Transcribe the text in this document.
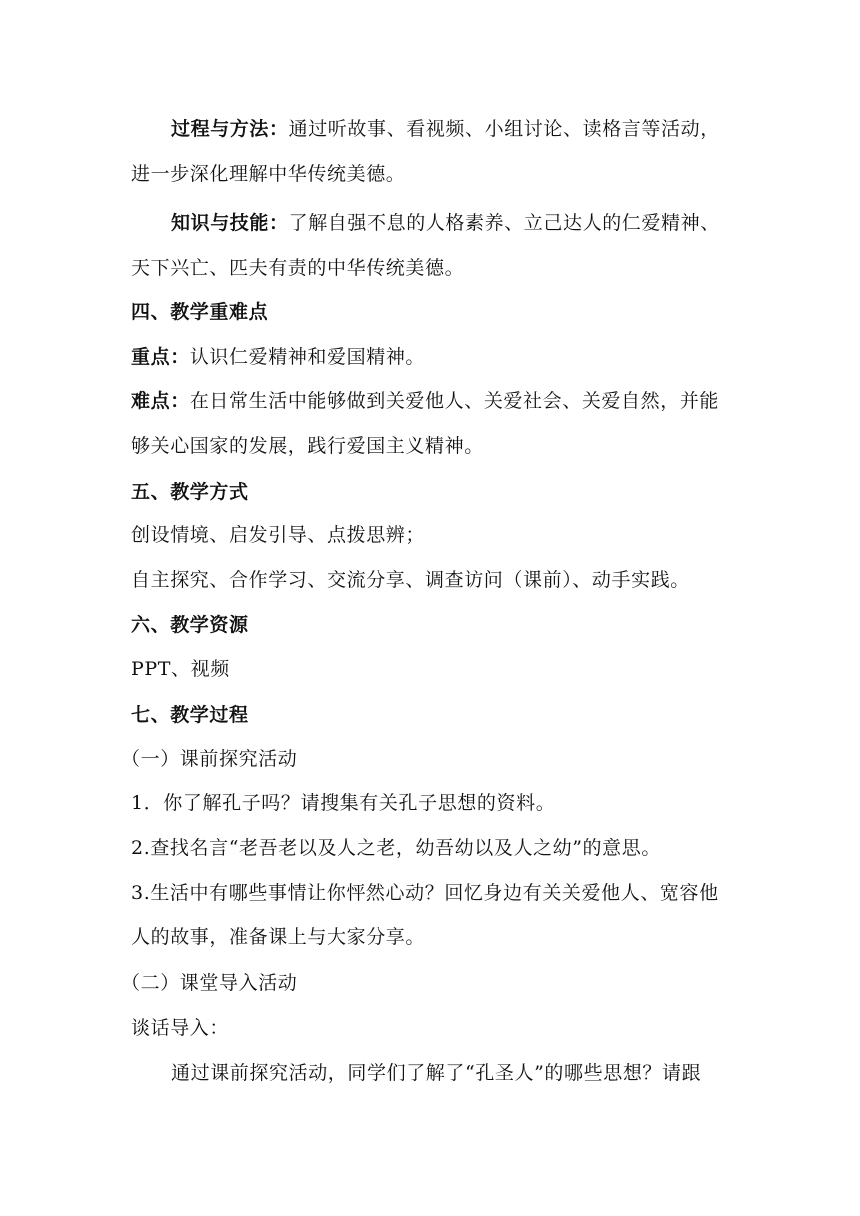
过程与方法：通过听故事、看视频、小组讨论、读格言等活动，
进一步深化理解中华传统美德。
知识与技能：了解自强不息的人格素养、立己达人的仁爱精神、
天下兴亡、匹夫有责的中华传统美德。
四、教学重难点
重点：认识仁爱精神和爱国精神。
难点：在日常生活中能够做到关爱他人、关爱社会、关爱自然，并能
够关心国家的发展，践行爱国主义精神。
五、教学方式
创设情境、启发引导、点拨思辨；
自主探究、合作学习、交流分享、调查访问（课前）、动手实践。
六、教学资源
PPT、视频
七、教学过程
（一）课前探究活动
1．你了解孔子吗？请搜集有关孔子思想的资料。
2.查找名言“老吾老以及人之老，幼吾幼以及人之幼”的意思。
3.生活中有哪些事情让你怦然心动？回忆身边有关关爱他人、宽容他
人的故事，准备课上与大家分享。
（二）课堂导入活动
谈话导入：
通过课前探究活动，同学们了解了“孔圣人”的哪些思想？请跟
